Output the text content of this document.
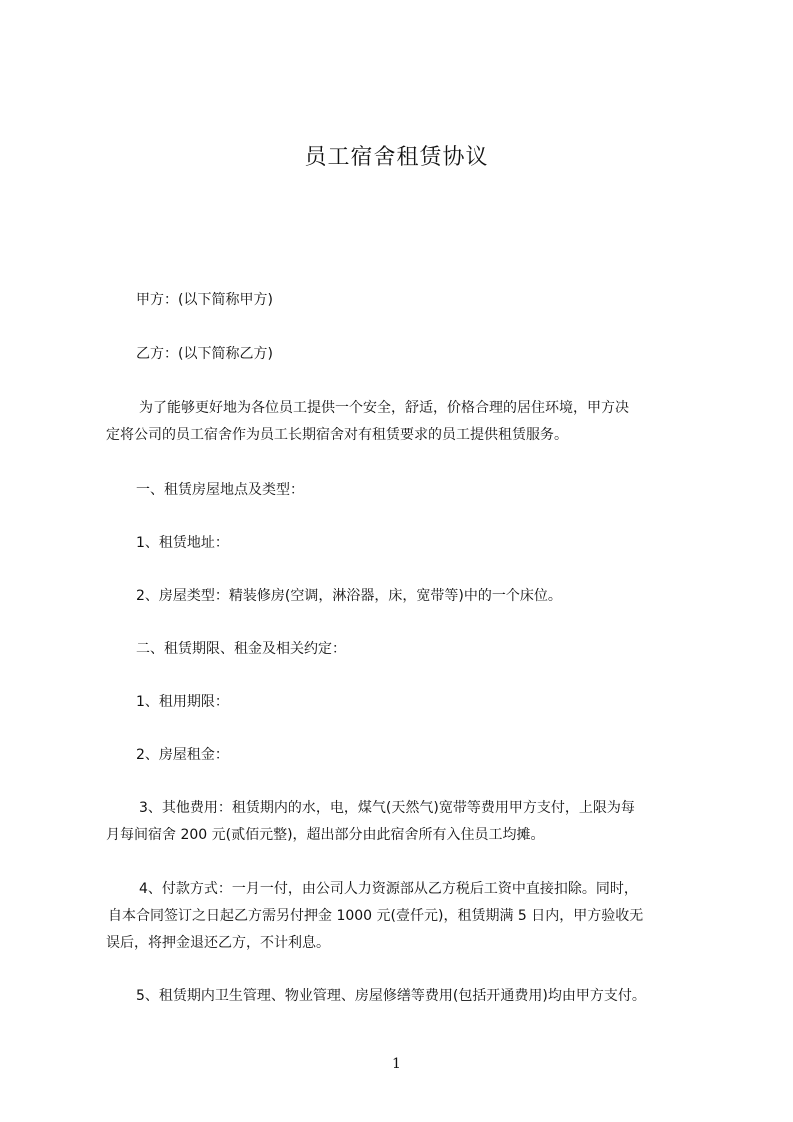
员工宿舍租赁协议
甲方：(以下简称甲方)
乙方：(以下简称乙方)
为了能够更好地为各位员工提供一个安全，舒适，价格合理的居住环境，甲方决
定将公司的员工宿舍作为员工长期宿舍对有租赁要求的员工提供租赁服务。
一、租赁房屋地点及类型：
1、租赁地址：
2、房屋类型：精装修房(空调，淋浴器，床，宽带等)中的一个床位。
二、租赁期限、租金及相关约定：
1、租用期限：
2、房屋租金：
3、其他费用：租赁期内的水，电，煤气(天然气)宽带等费用甲方支付，上限为每
月每间宿舍 200 元(贰佰元整)，超出部分由此宿舍所有入住员工均摊。
4、付款方式：一月一付，由公司人力资源部从乙方税后工资中直接扣除。同时，
自本合同签订之日起乙方需另付押金 1000 元(壹仟元)，租赁期满 5 日内，甲方验收无
误后，将押金退还乙方，不计利息。
5、租赁期内卫生管理、物业管理、房屋修缮等费用(包括开通费用)均由甲方支付。
1
